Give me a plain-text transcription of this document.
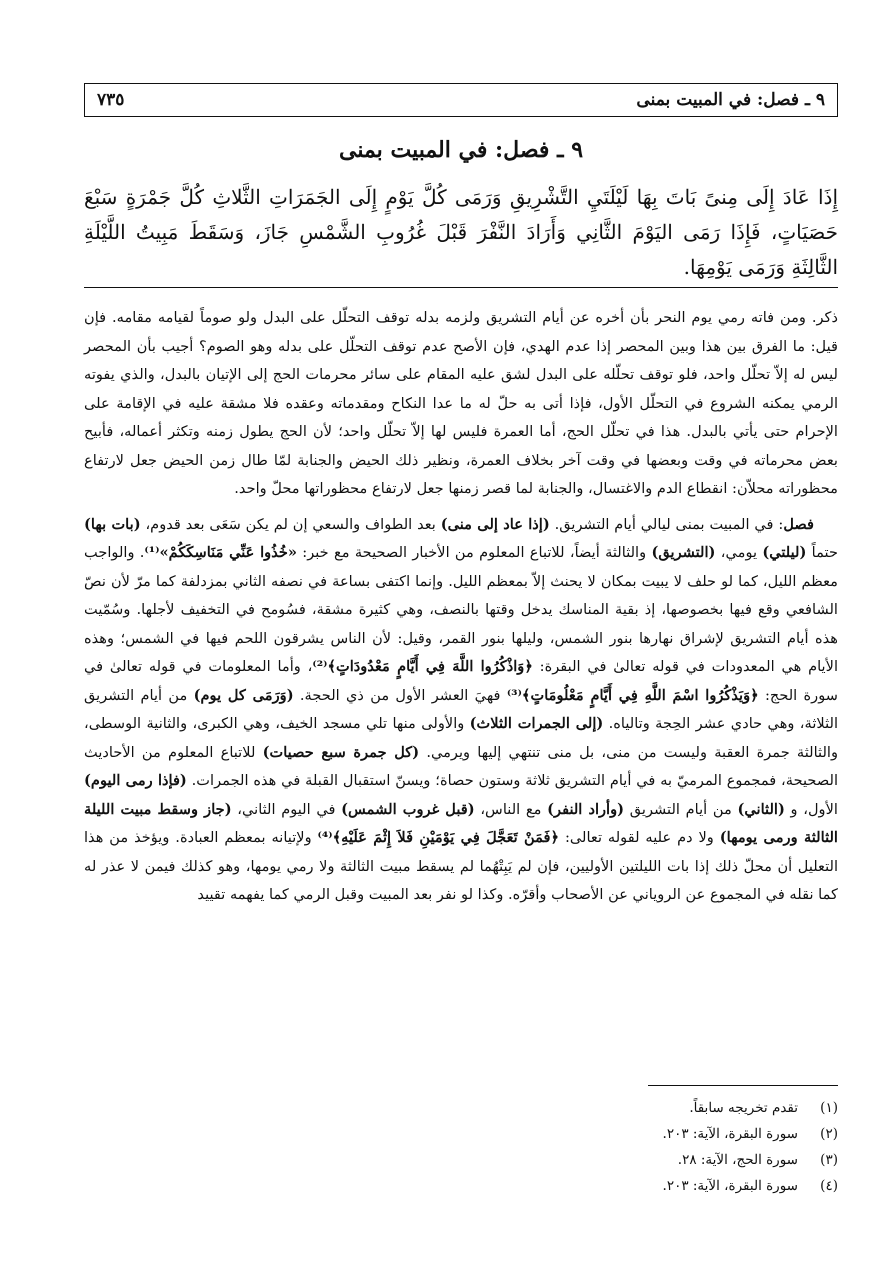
٩ ـ فصل: في المبيت بمنى
٧٣٥
٩ ـ فصل: في المبيت بمنى

إِذَا عَادَ إِلَى مِنىً بَاتَ بِهَا لَيْلَتَيِ التَّشْرِيقِ وَرَمَى كُلَّ يَوْمٍ إِلَى الجَمَرَاتِ الثَّلاثِ كُلَّ جَمْرَةٍ سَبْعَ حَصَيَاتٍ، فَإِذَا رَمَى اليَوْمَ الثَّانِي وَأَرَادَ النَّفْرَ قَبْلَ غُرُوبِ الشَّمْسِ جَازَ، وَسَقَطَ مَبِيتُ اللَّيْلَةِ الثَّالِثَةِ وَرَمَى يَوْمِهَا.

ذكر. ومن فاته رمي يوم النحر بأن أخره عن أيام التشريق ولزمه بدله توقف التحلّل على البدل ولو صوماً لقيامه مقامه. فإن قيل: ما الفرق بين هذا وبين المحصر إذا عدم الهدي، فإن الأصح عدم توقف التحلّل على بدله وهو الصوم؟ أجيب بأن المحصر ليس له إلاّ تحلّل واحد، فلو توقف تحلّله على البدل لشق عليه المقام على سائر محرمات الحج إلى الإتيان بالبدل، والذي يفوته الرمي يمكنه الشروع في التحلّل الأول، فإذا أتى به حلّ له ما عدا النكاح ومقدماته وعقده فلا مشقة عليه في الإقامة على الإحرام حتى يأتي بالبدل. هذا في تحلّل الحج، أما العمرة فليس لها إلاّ تحلّل واحد؛ لأن الحج يطول زمنه وتكثر أعماله، فأبيح بعض محرماته في وقت وبعضها في وقت آخر بخلاف العمرة، ونظير ذلك الحيض والجنابة لمّا طال زمن الحيض جعل لارتفاع محظوراته محلاّن: انقطاع الدم والاغتسال، والجنابة لما قصر زمنها جعل لارتفاع محظوراتها محلّ واحد.

فصل: في المبيت بمنى ليالي أيام التشريق. (إذا عاد إلى منى) بعد الطواف والسعي إن لم يكن سَعَى بعد قدوم، (بات بها) حتماً (ليلتي) يومي، (التشريق) والثالثة أيضاً، للاتباع المعلوم من الأخبار الصحيحة مع خبر: «خُذُوا عَنِّي مَنَاسِكَكُمْ»⁽¹⁾. والواجب معظم الليل، كما لو حلف لا يبيت بمكان لا يحنث إلاّ بمعظم الليل. وإنما اكتفى بساعة في نصفه الثاني بمزدلفة كما مرّ لأن نصّ الشافعي وقع فيها بخصوصها، إذ بقية المناسك يدخل وقتها بالنصف، وهي كثيرة مشقة، فسُومح في التخفيف لأجلها. وسُمّيت هذه أيام التشريق لإشراق نهارها بنور الشمس، وليلها بنور القمر، وقيل: لأن الناس يشرقون اللحم فيها في الشمس؛ وهذه الأيام هي المعدودات في قوله تعالىٰ في البقرة: ﴿وَاذْكُرُوا اللَّهَ فِي أَيَّامٍ مَعْدُودَاتٍ﴾⁽²⁾، وأما المعلومات في قوله تعالىٰ في سورة الحج: ﴿وَيَذْكُرُوا اسْمَ اللَّهِ فِي أَيَّامٍ مَعْلُومَاتٍ﴾⁽³⁾ فهيَ العشر الأول من ذي الحجة. (وَرَمَى كل يوم) من أيام التشريق الثلاثة، وهي حادي عشر الحِجة وتالياه. (إلى الجمرات الثلاث) والأولى منها تلي مسجد الخيف، وهي الكبرى، والثانية الوسطى، والثالثة جمرة العقبة وليست من منى، بل منى تنتهي إليها ويرمي. (كل جمرة سبع حصيات) للاتباع المعلوم من الأحاديث الصحيحة، فمجموع المرميّ به في أيام التشريق ثلاثة وستون حصاة؛ ويسنّ استقبال القبلة في هذه الجمرات. (فإذا رمى اليوم) الأول، و (الثاني) من أيام التشريق (وأراد النفر) مع الناس، (قبل غروب الشمس) في اليوم الثاني، (جاز وسقط مبيت الليلة الثالثة ورمى يومها) ولا دم عليه لقوله تعالى: ﴿فَمَنْ تَعَجَّلَ فِي يَوْمَيْنِ فَلاَ إِثْمَ عَلَيْهِ﴾⁽⁴⁾ ولإتيانه بمعظم العبادة. ويؤخذ من هذا التعليل أن محلّ ذلك إذا بات الليلتين الأوليين، فإن لم يَبِتْهُما لم يسقط مبيت الثالثة ولا رمي يومها، وهو كذلك فيمن لا عذر له كما نقله في المجموع عن الروياني عن الأصحاب وأقرّه. وكذا لو نفر بعد المبيت وقبل الرمي كما يفهمه تقييد

(١)تقدم تخريجه سابقاً.
(٢)سورة البقرة، الآية: ٢٠٣.
(٣)سورة الحج، الآية: ٢٨.
(٤)سورة البقرة، الآية: ٢٠٣.
